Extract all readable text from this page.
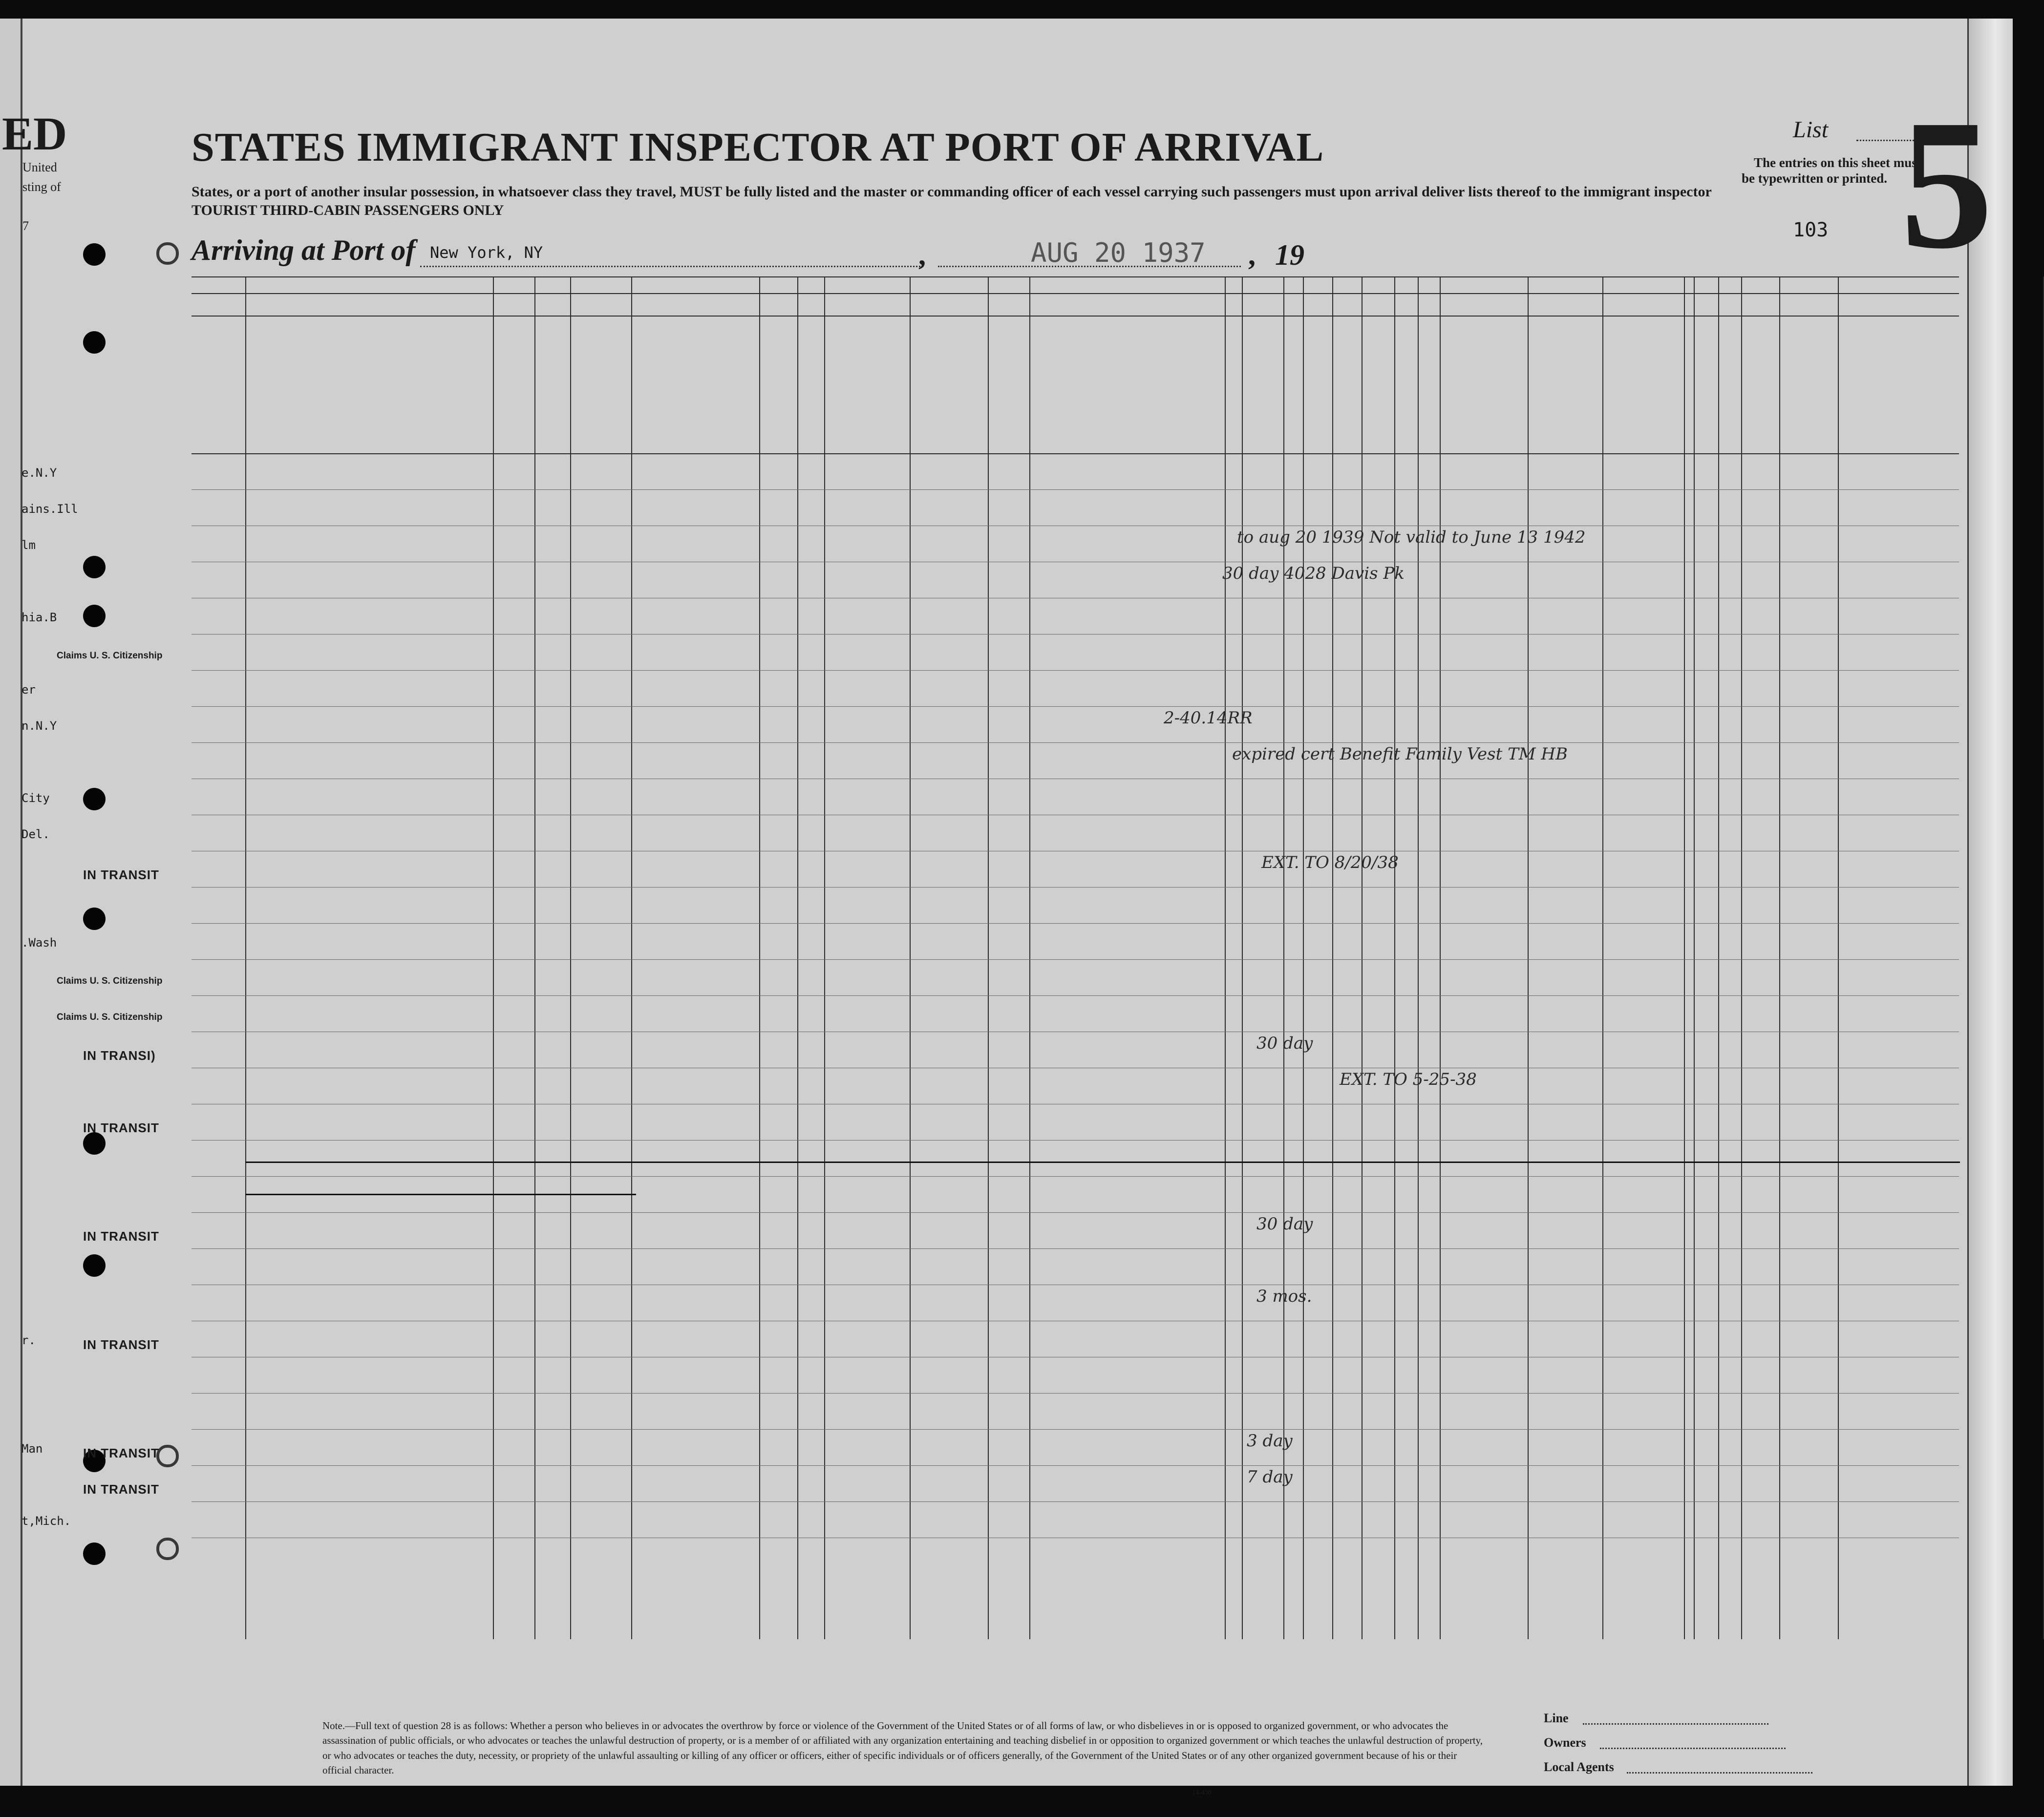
ED
United
sting of
7
STATES IMMIGRANT INSPECTOR AT PORT OF ARRIVAL
States, or a port of another insular possession, in whatsoever class they travel, MUST be fully listed and the master or commanding officer of each vessel carrying such passengers must upon arrival deliver lists thereof to the immigrant inspector
TOURIST THIRD-CABIN PASSENGERS ONLY
Arriving at Port of New York, NY	,	AUG 20 1937 , 19
List
The entries on this sheet must
be typewritten or printed. 5
103
Note.—Full text of question 28 is as follows: Whether a person who believes in or advocates the overthrow by force or violence of the Government of the United States or of all forms of law, or who disbelieves in or is opposed to organized government, or who advocates the assassination of public officials, or who advocates or teaches the unlawful destruction of property, or is a member of or affiliated with any organization entertaining and teaching disbelief in or opposition to organized government or which teaches the unlawful destruction of property, or who advocates or teaches the duty, necessity, or propriety of the unlawful assaulting or killing of any officer or officers, either of specific individuals or of officers generally, of the Government of the United States or of any other organized government because of his or their official character.
14-430
Line
Owners
Local Agents
Claims U. S. Citizenship
IN TRANSIT
Claims U. S. Citizenship
Claims U. S. Citizenship
IN TRANSI)
IN TRANSIT
IN TRANSIT
IN TRANSIT
IN TRANSIT
IN TRANSIT
e.N.Y
ains.Ill
lm
hia.B
er
n.N.Y
City
Del.
.Wash
r.
Man
t,Mich.
to aug 20 1939 Not valid to June 13 1942
30 day 4028 Davis Pk
2-40.14RR
expired cert Benefit Family Vest TM HB
EXT. TO 8/20/38
30 day
EXT. TO 5-25-38
30 day
3 mos.
3 day
7 day
